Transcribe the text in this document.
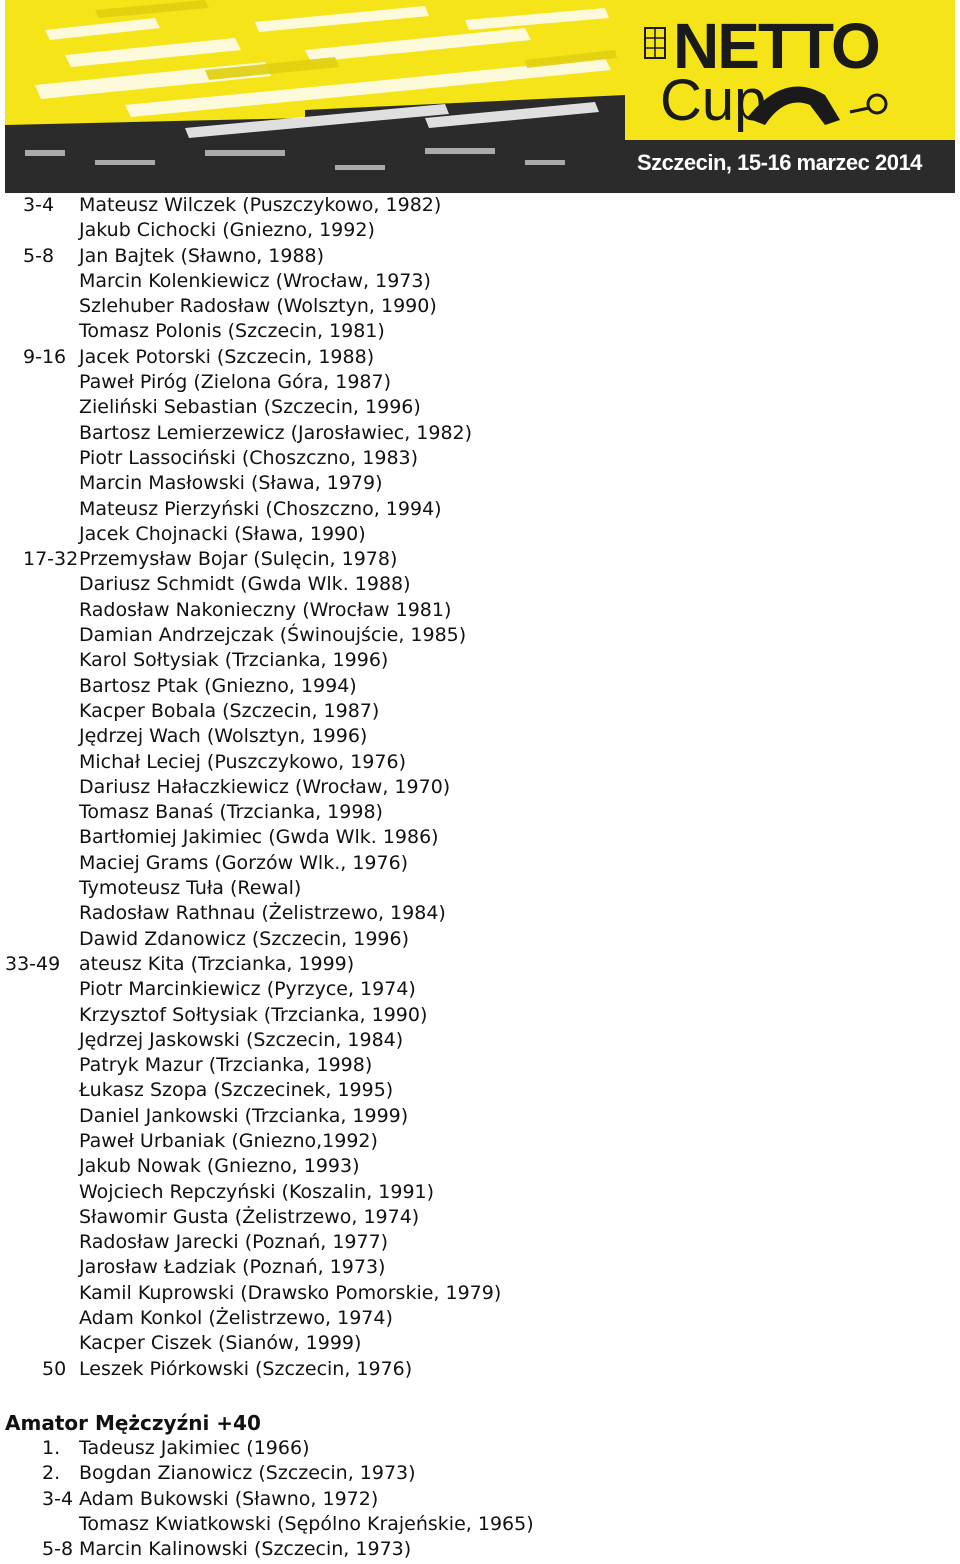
NETTO
Cup
Szczecin, 15-16 marzec 2014
3-4 Mateusz Wilczek (Puszczykowo, 1982)
Jakub Cichocki (Gniezno, 1992)
5-8 Jan Bajtek (Sławno, 1988)
Marcin Kolenkiewicz (Wrocław, 1973)
Szlehuber Radosław (Wolsztyn, 1990)
Tomasz Polonis (Szczecin, 1981)
9-16 Jacek Potorski (Szczecin, 1988)
Paweł Piróg (Zielona Góra, 1987)
Zieliński Sebastian (Szczecin, 1996)
Bartosz Lemierzewicz (Jarosławiec, 1982)
Piotr Lassociński (Choszczno, 1983)
Marcin Masłowski (Sława, 1979)
Mateusz Pierzyński (Choszczno, 1994)
Jacek Chojnacki (Sława, 1990)
17-32 Przemysław Bojar (Sulęcin, 1978)
Dariusz Schmidt (Gwda Wlk. 1988)
Radosław Nakonieczny (Wrocław 1981)
Damian Andrzejczak (Świnoujście, 1985)
Karol Sołtysiak (Trzcianka, 1996)
Bartosz Ptak (Gniezno, 1994)
Kacper Bobala (Szczecin, 1987)
Jędrzej Wach (Wolsztyn, 1996)
Michał Leciej (Puszczykowo, 1976)
Dariusz Hałaczkiewicz (Wrocław, 1970)
Tomasz Banaś (Trzcianka, 1998)
Bartłomiej Jakimiec (Gwda Wlk. 1986)
Maciej Grams (Gorzów Wlk., 1976)
Tymoteusz Tuła (Rewal)
Radosław Rathnau (Żelistrzewo, 1984)
Dawid Zdanowicz (Szczecin, 1996)
33-49 ateusz Kita (Trzcianka, 1999)
Piotr Marcinkiewicz (Pyrzyce, 1974)
Krzysztof Sołtysiak (Trzcianka, 1990)
Jędrzej Jaskowski (Szczecin, 1984)
Patryk Mazur (Trzcianka, 1998)
Łukasz Szopa (Szczecinek, 1995)
Daniel Jankowski (Trzcianka, 1999)
Paweł Urbaniak (Gniezno,1992)
Jakub Nowak (Gniezno, 1993)
Wojciech Repczyński (Koszalin, 1991)
Sławomir Gusta (Żelistrzewo, 1974)
Radosław Jarecki (Poznań, 1977)
Jarosław Ładziak (Poznań, 1973)
Kamil Kuprowski (Drawsko Pomorskie, 1979)
Adam Konkol (Żelistrzewo, 1974)
Kacper Ciszek (Sianów, 1999)
50 Leszek Piórkowski (Szczecin, 1976)
Amator Mężczyźni +40
1. Tadeusz Jakimiec (1966)
2. Bogdan Zianowicz (Szczecin, 1973)
3-4 Adam Bukowski (Sławno, 1972)
Tomasz Kwiatkowski (Sępólno Krajeńskie, 1965)
5-8 Marcin Kalinowski (Szczecin, 1973)
